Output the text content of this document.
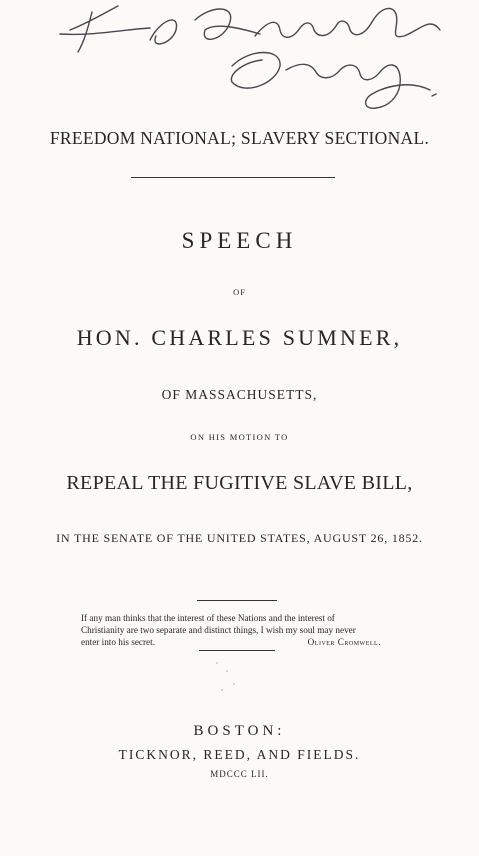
FREEDOM NATIONAL; SLAVERY SECTIONAL.
SPEECH
OF
HON. CHARLES SUMNER,
OF MASSACHUSETTS,
ON HIS MOTION TO
REPEAL THE FUGITIVE SLAVE BILL,
IN THE SENATE OF THE UNITED STATES, AUGUST 26, 1852.
If any man thinks that the interest of these Nations and the interest of
Christianity are two separate and distinct things, I wish my soul may never
enter into his secret.	Oliver Cromwell.
BOSTON:
TICKNOR, REED, AND FIELDS.
MDCCC LII.
